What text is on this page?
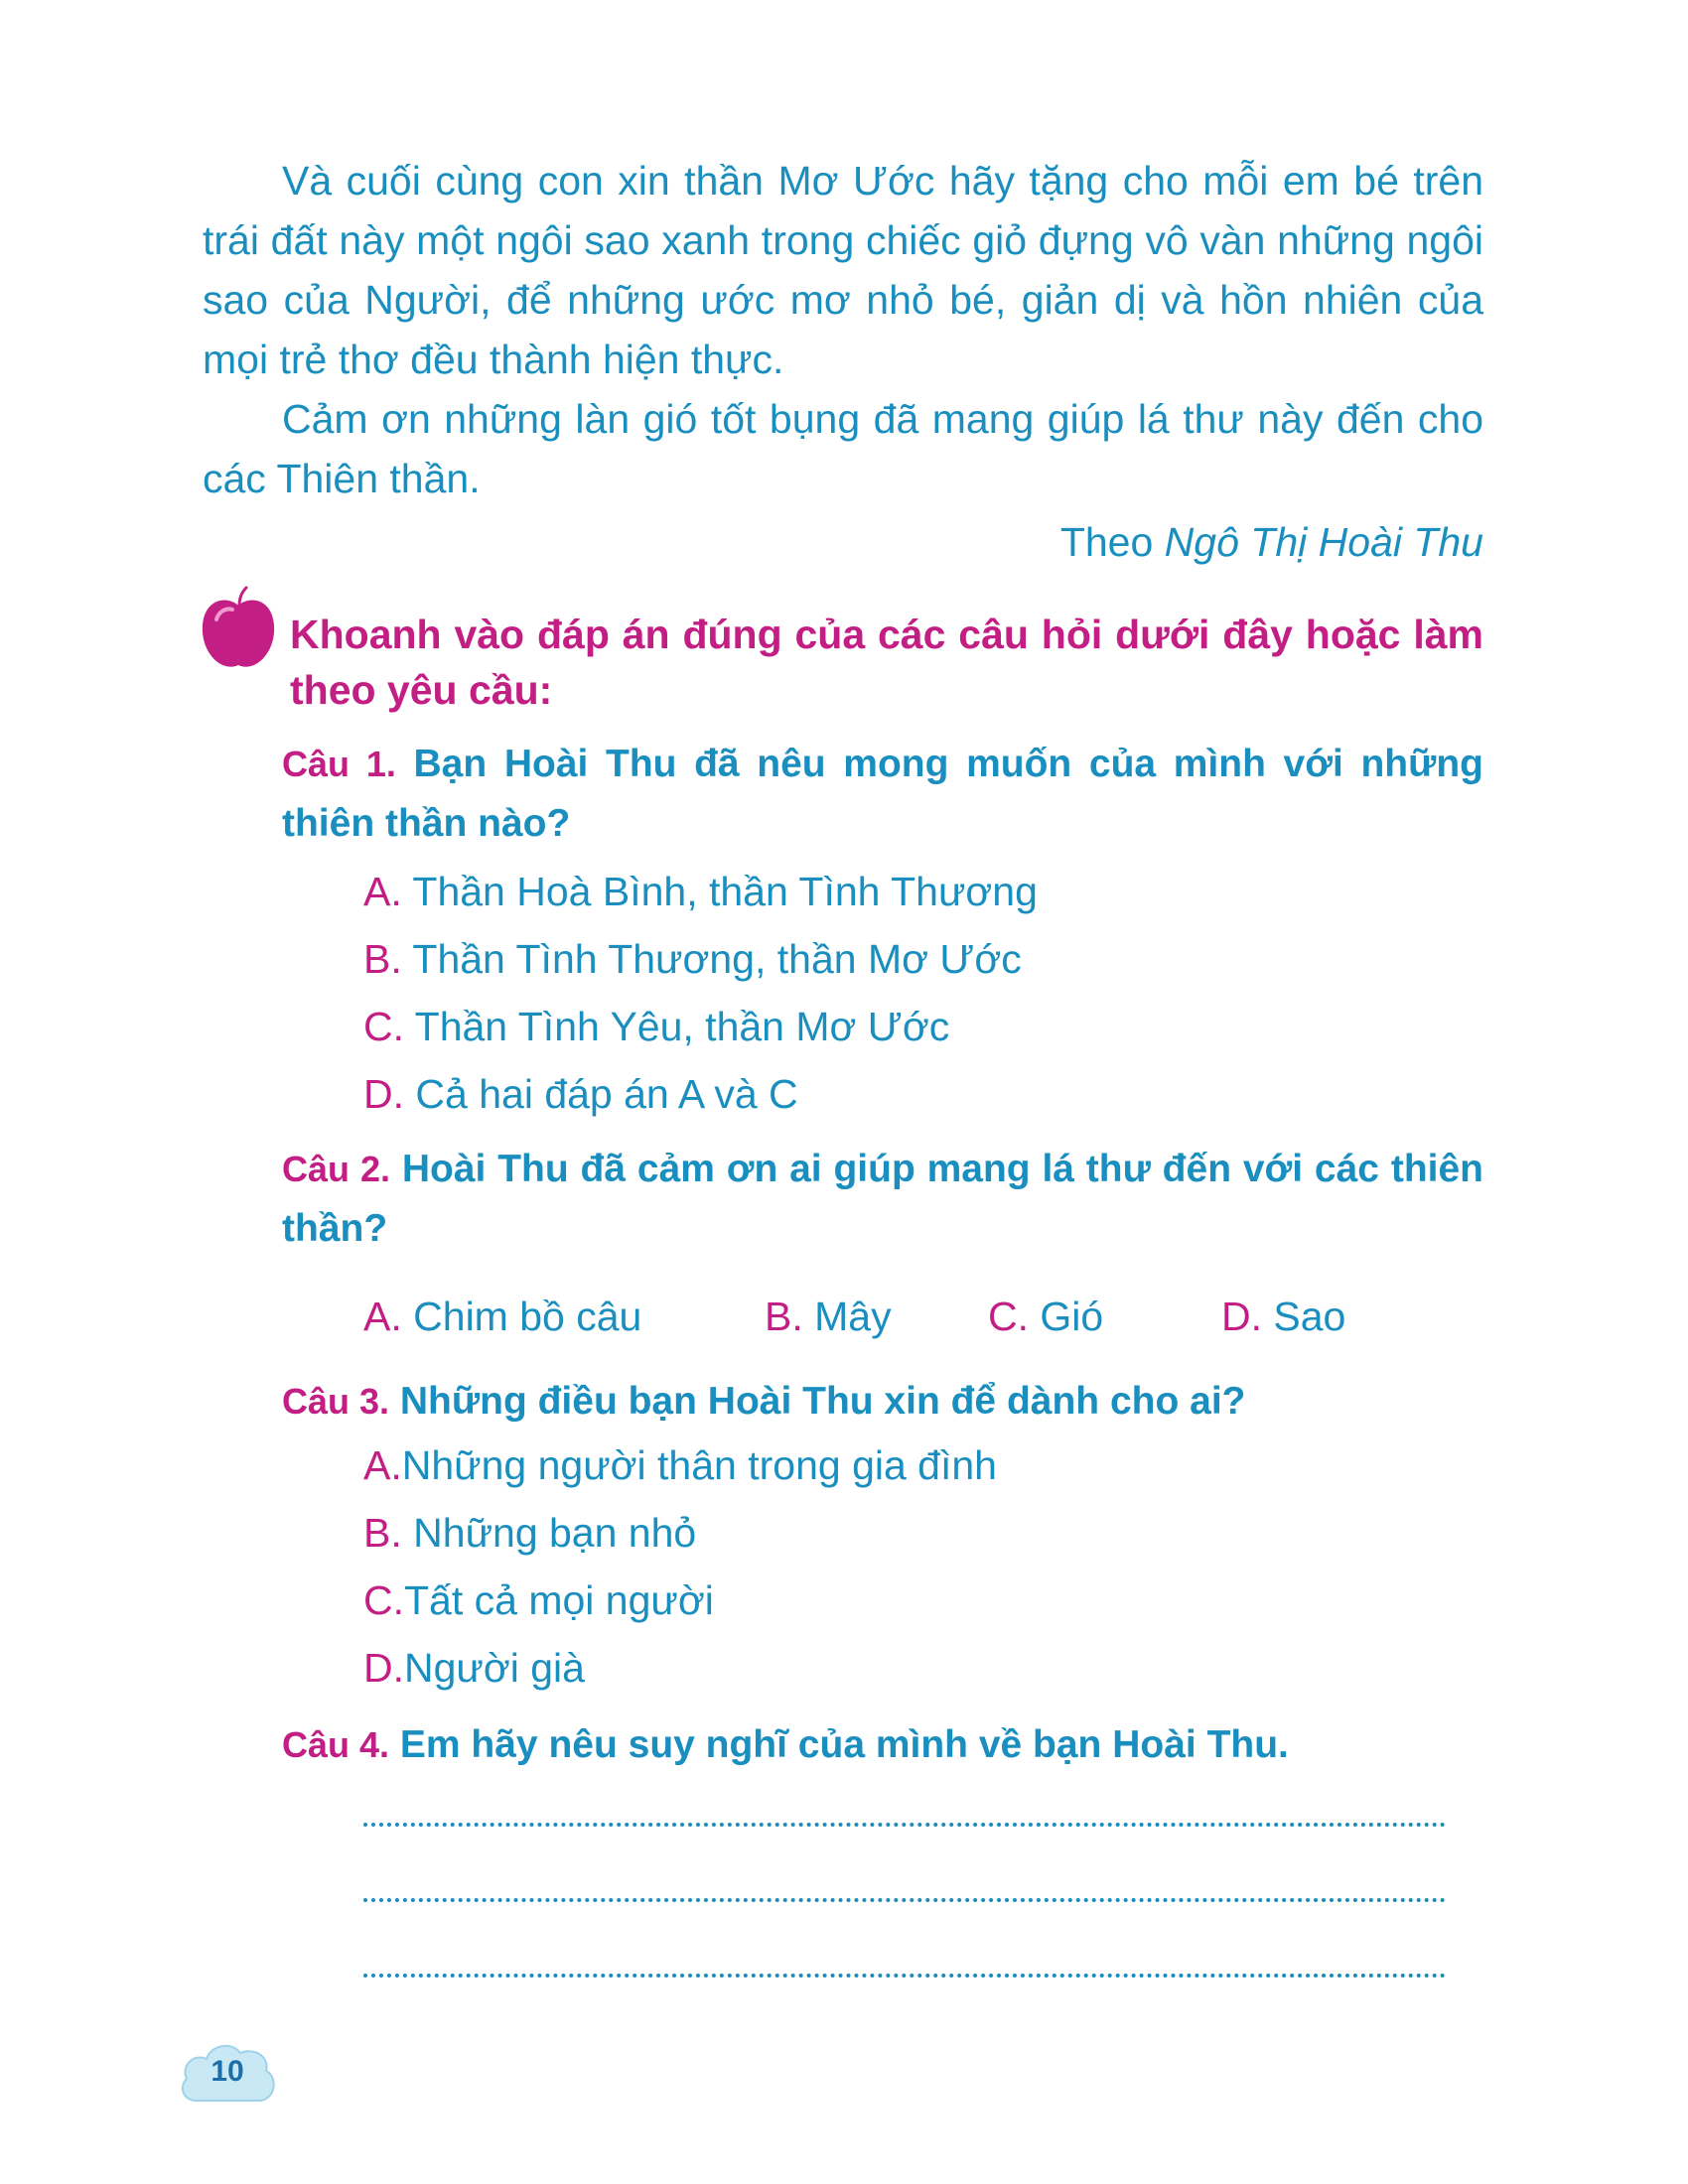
Và cuối cùng con xin thần Mơ Ước hãy tặng cho mỗi em bé trên trái đất này một ngôi sao xanh trong chiếc giỏ đựng vô vàn những ngôi sao của Người, để những ước mơ nhỏ bé, giản dị và hồn nhiên của mọi trẻ thơ đều thành hiện thực.

Cảm ơn những làn gió tốt bụng đã mang giúp lá thư này đến cho các Thiên thần.

Theo Ngô Thị Hoài Thu

Khoanh vào đáp án đúng của các câu hỏi dưới đây hoặc làm theo yêu cầu:

Câu 1. Bạn Hoài Thu đã nêu mong muốn của mình với những thiên thần nào?

A. Thần Hoà Bình, thần Tình Thương
B. Thần Tình Thương, thần Mơ Ước
C. Thần Tình Yêu, thần Mơ Ước
D. Cả hai đáp án A và C

Câu 2. Hoài Thu đã cảm ơn ai giúp mang lá thư đến với các thiên thần?

A. Chim bồ câu	B. Mây C. Gió	D. Sao

Câu 3. Những điều bạn Hoài Thu xin để dành cho ai?

A.Những người thân trong gia đình
B. Những bạn nhỏ
C.Tất cả mọi người
D.Người già

Câu 4. Em hãy nêu suy nghĩ của mình về bạn Hoài Thu.

10
